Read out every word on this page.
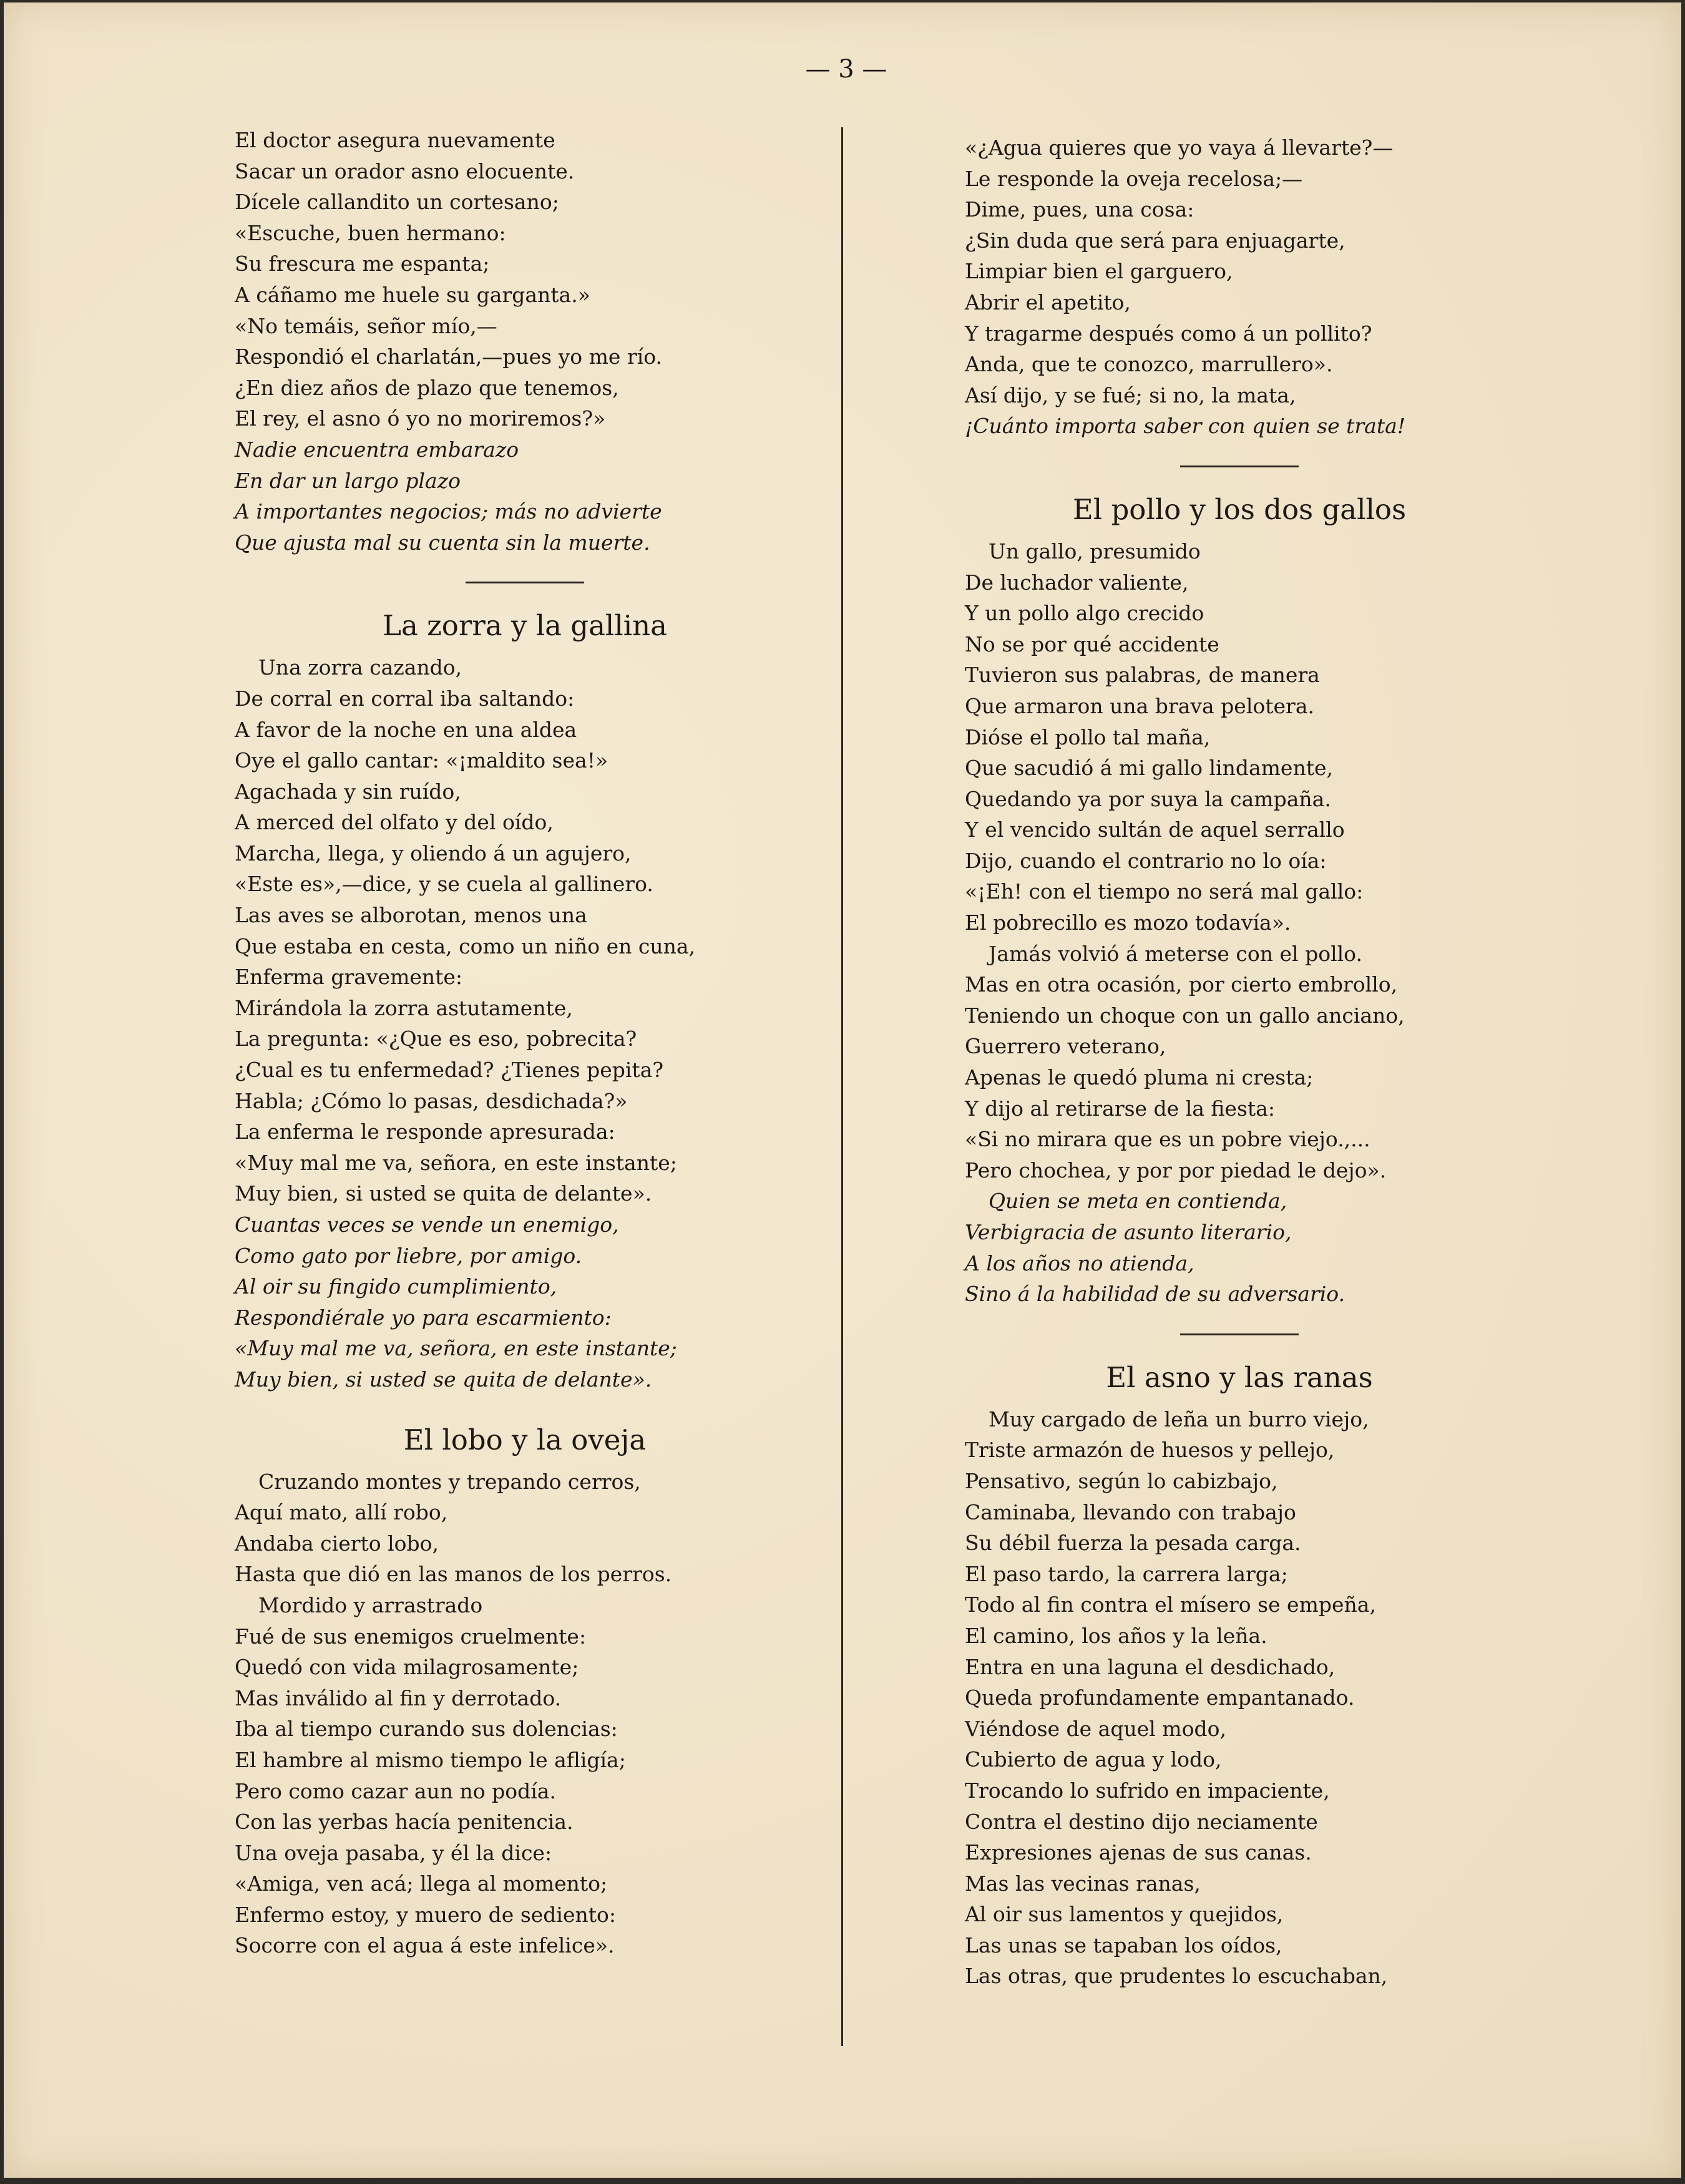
— 3 —
El doctor asegura nuevamente
Sacar un orador asno elocuente.
Dícele callandito un cortesano;
«Escuche, buen hermano:
Su frescura me espanta;
A cáñamo me huele su garganta.»
«No temáis, señor mío,—
Respondió el charlatán,—pues yo me río.
¿En diez años de plazo que tenemos,
El rey, el asno ó yo no moriremos?»
Nadie encuentra embarazo
En dar un largo plazo
A importantes negocios; más no advierte
Que ajusta mal su cuenta sin la muerte.
La zorra y la gallina
Una zorra cazando,
De corral en corral iba saltando:
A favor de la noche en una aldea
Oye el gallo cantar: «¡maldito sea!»
Agachada y sin ruído,
A merced del olfato y del oído,
Marcha, llega, y oliendo á un agujero,
«Este es»,—dice, y se cuela al gallinero.
Las aves se alborotan, menos una
Que estaba en cesta, como un niño en cuna,
Enferma gravemente:
Mirándola la zorra astutamente,
La pregunta: «¿Que es eso, pobrecita?
¿Cual es tu enfermedad? ¿Tienes pepita?
Habla; ¿Cómo lo pasas, desdichada?»
La enferma le responde apresurada:
«Muy mal me va, señora, en este instante;
Muy bien, si usted se quita de delante».
Cuantas veces se vende un enemigo,
Como gato por liebre, por amigo.
Al oir su fingido cumplimiento,
Respondiérale yo para escarmiento:
«Muy mal me va, señora, en este instante;
Muy bien, si usted se quita de delante».
El lobo y la oveja
Cruzando montes y trepando cerros,
Aquí mato, allí robo,
Andaba cierto lobo,
Hasta que dió en las manos de los perros.
Mordido y arrastrado
Fué de sus enemigos cruelmente:
Quedó con vida milagrosamente;
Mas inválido al fin y derrotado.
Iba al tiempo curando sus dolencias:
El hambre al mismo tiempo le afligía;
Pero como cazar aun no podía.
Con las yerbas hacía penitencia.
Una oveja pasaba, y él la dice:
«Amiga, ven acá; llega al momento;
Enfermo estoy, y muero de sediento:
Socorre con el agua á este infelice».
«¿Agua quieres que yo vaya á llevarte?—
Le responde la oveja recelosa;—
Dime, pues, una cosa:
¿Sin duda que será para enjuagarte,
Limpiar bien el garguero,
Abrir el apetito,
Y tragarme después como á un pollito?
Anda, que te conozco, marrullero».
Así dijo, y se fué; si no, la mata,
¡Cuánto importa saber con quien se trata!
El pollo y los dos gallos
Un gallo, presumido
De luchador valiente,
Y un pollo algo crecido
No se por qué accidente
Tuvieron sus palabras, de manera
Que armaron una brava pelotera.
Dióse el pollo tal maña,
Que sacudió á mi gallo lindamente,
Quedando ya por suya la campaña.
Y el vencido sultán de aquel serrallo
Dijo, cuando el contrario no lo oía:
«¡Eh! con el tiempo no será mal gallo:
El pobrecillo es mozo todavía».
Jamás volvió á meterse con el pollo.
Mas en otra ocasión, por cierto embrollo,
Teniendo un choque con un gallo anciano,
Guerrero veterano,
Apenas le quedó pluma ni cresta;
Y dijo al retirarse de la fiesta:
«Si no mirara que es un pobre viejo.,...
Pero chochea, y por por piedad le dejo».
Quien se meta en contienda,
Verbigracia de asunto literario,
A los años no atienda,
Sino á la habilidad de su adversario.
El asno y las ranas
Muy cargado de leña un burro viejo,
Triste armazón de huesos y pellejo,
Pensativo, según lo cabizbajo,
Caminaba, llevando con trabajo
Su débil fuerza la pesada carga.
El paso tardo, la carrera larga;
Todo al fin contra el mísero se empeña,
El camino, los años y la leña.
Entra en una laguna el desdichado,
Queda profundamente empantanado.
Viéndose de aquel modo,
Cubierto de agua y lodo,
Trocando lo sufrido en impaciente,
Contra el destino dijo neciamente
Expresiones ajenas de sus canas.
Mas las vecinas ranas,
Al oir sus lamentos y quejidos,
Las unas se tapaban los oídos,
Las otras, que prudentes lo escuchaban,
